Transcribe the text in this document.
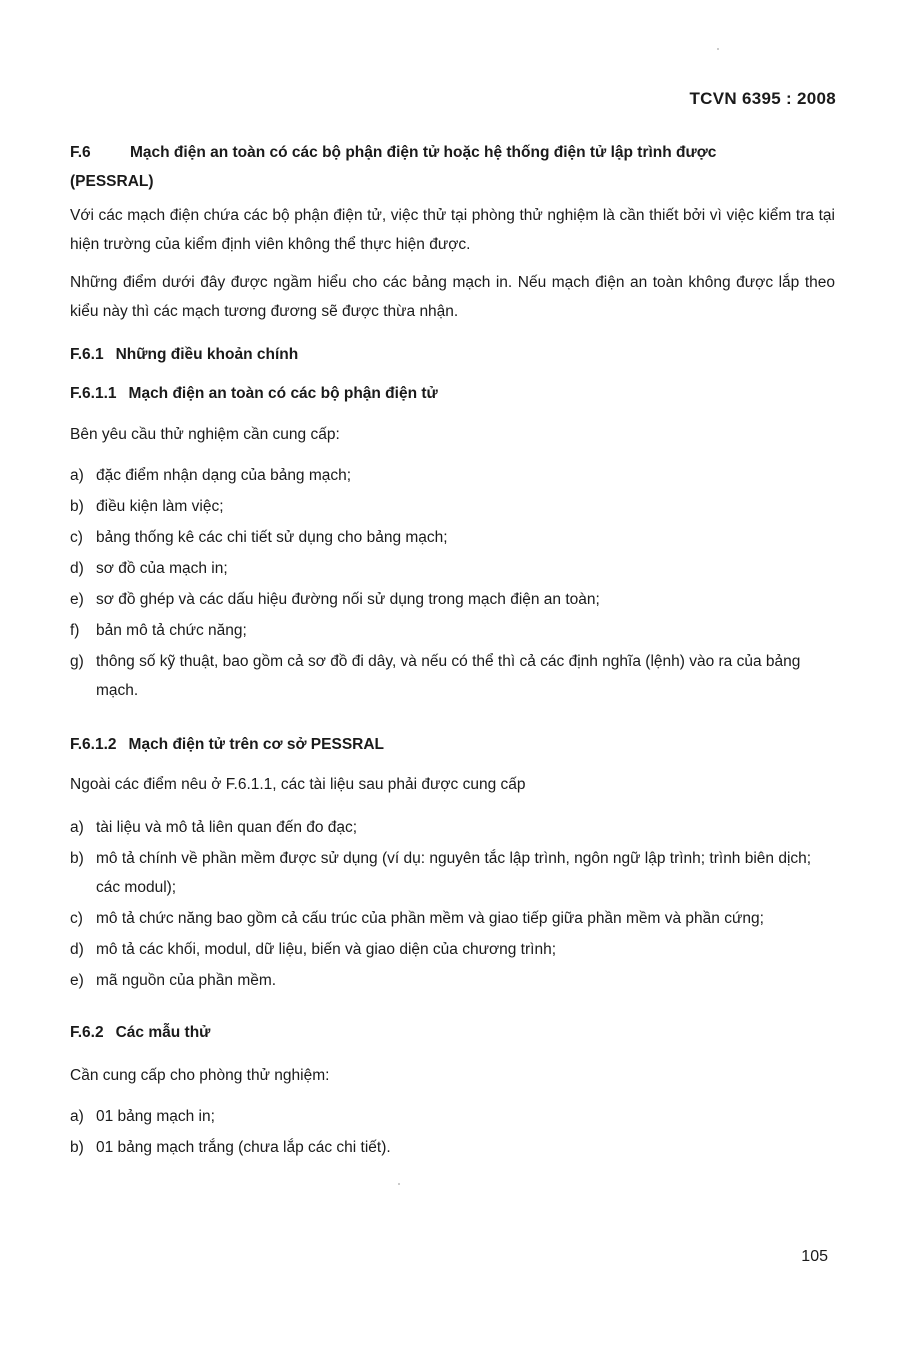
TCVN 6395 : 2008
F.6	Mạch điện an toàn có các bộ phận điện tử hoặc hệ thống điện tử lập trình được
(PESSRAL)
Với các mạch điện chứa các bộ phận điện tử, việc thử tại phòng thử nghiệm là cần thiết bởi vì việc kiểm tra tại hiện trường của kiểm định viên không thể thực hiện được.
Những điểm dưới đây được ngầm hiểu cho các bảng mạch in. Nếu mạch điện an toàn không được lắp theo kiểu này thì các mạch tương đương sẽ được thừa nhận.
F.6.1 Những điều khoản chính
F.6.1.1 Mạch điện an toàn có các bộ phận điện tử
Bên yêu cầu thử nghiệm cần cung cấp:
a) đặc điểm nhận dạng của bảng mạch;
b) điều kiện làm việc;
c) bảng thống kê các chi tiết sử dụng cho bảng mạch;
d) sơ đồ của mạch in;
e) sơ đồ ghép và các dấu hiệu đường nối sử dụng trong mạch điện an toàn;
f) bản mô tả chức năng;
g) thông số kỹ thuật, bao gồm cả sơ đồ đi dây, và nếu có thể thì cả các định nghĩa (lệnh) vào ra của bảng mạch.
F.6.1.2 Mạch điện tử trên cơ sở PESSRAL
Ngoài các điểm nêu ở F.6.1.1, các tài liệu sau phải được cung cấp
a) tài liệu và mô tả liên quan đến đo đạc;
b) mô tả chính về phần mềm được sử dụng (ví dụ: nguyên tắc lập trình, ngôn ngữ lập trình; trình biên dịch; các modul);
c) mô tả chức năng bao gồm cả cấu trúc của phần mềm và giao tiếp giữa phần mềm và phần cứng;
d) mô tả các khối, modul, dữ liệu, biến và giao diện của chương trình;
e) mã nguồn của phần mềm.
F.6.2 Các mẫu thử
Cần cung cấp cho phòng thử nghiệm:
a) 01 bảng mạch in;
b) 01 bảng mạch trắng (chưa lắp các chi tiết).
105
